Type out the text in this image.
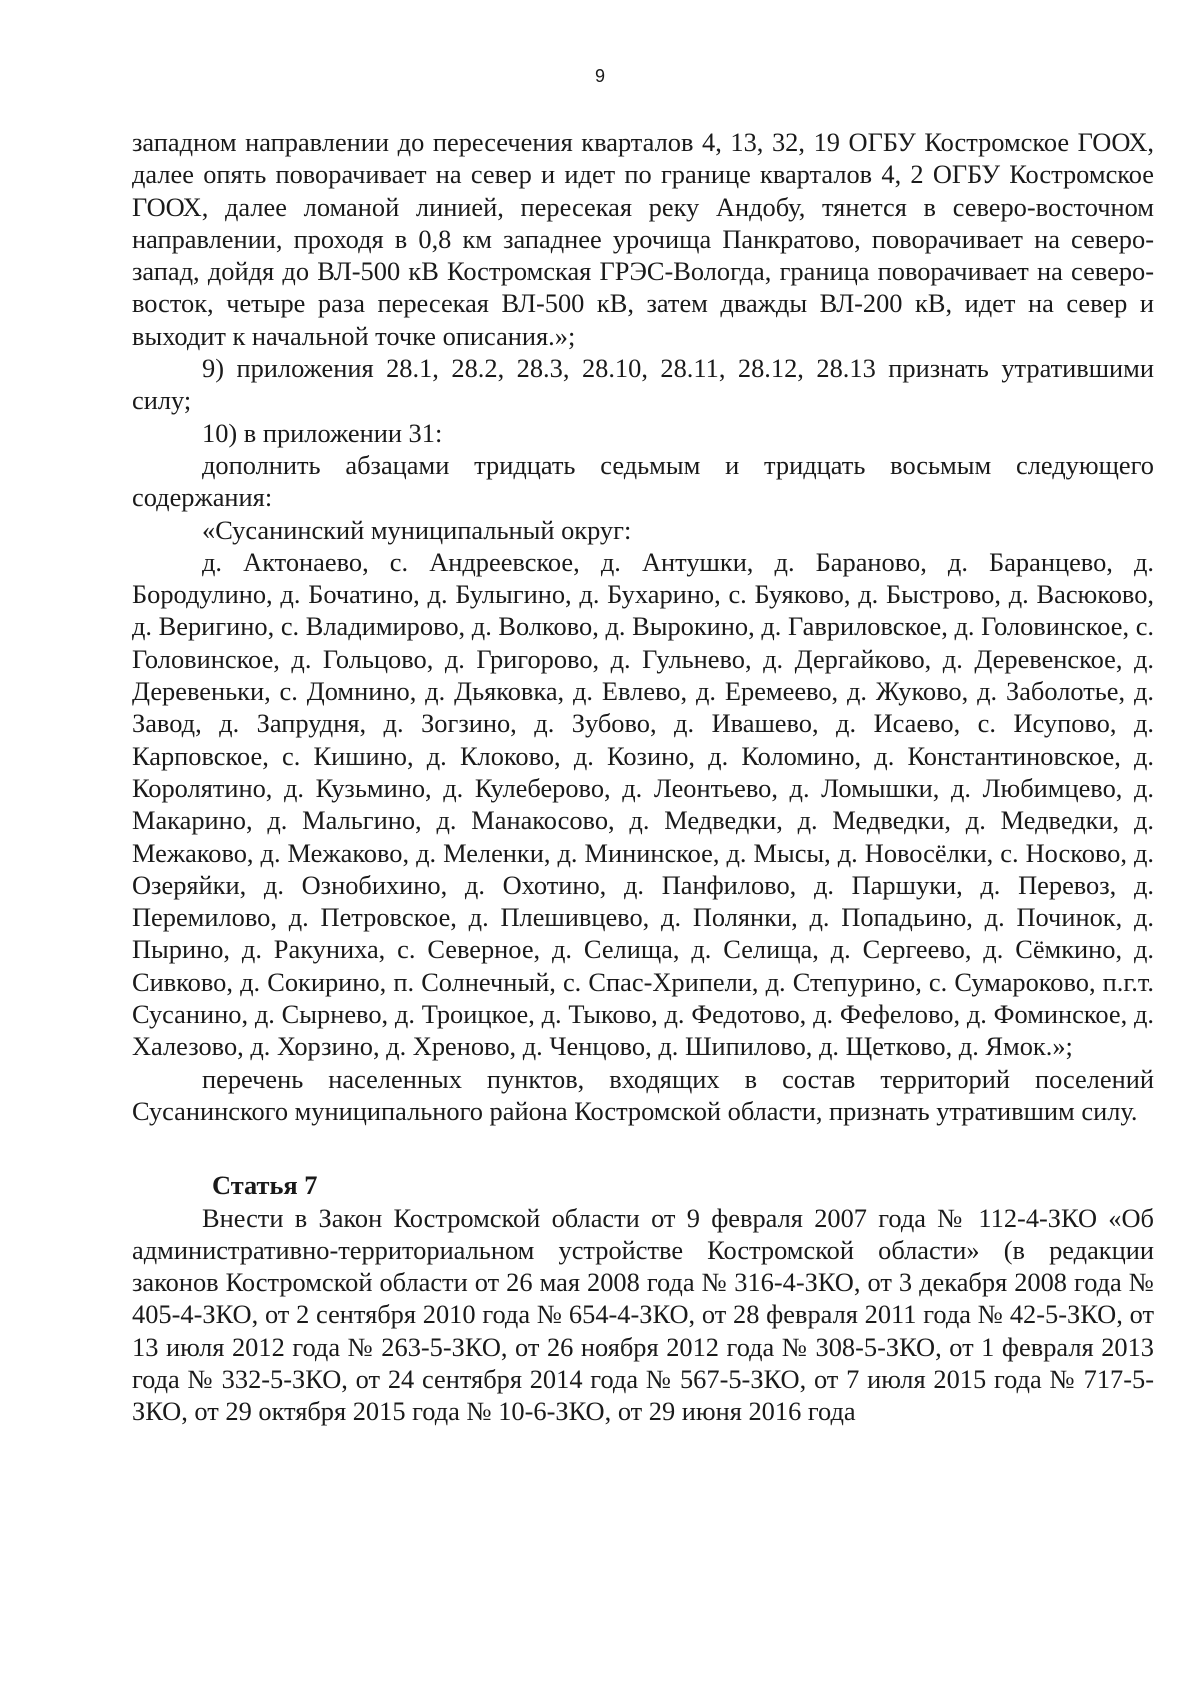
9

западном направлении до пересечения кварталов 4, 13, 32, 19 ОГБУ Костромское ГООХ, далее опять поворачивает на север и идет по границе кварталов 4, 2 ОГБУ Костромское ГООХ, далее ломаной линией, пересекая реку Андобу, тянется в северо-восточном направлении, проходя в 0,8 км западнее урочища Панкратово, поворачивает на северо-запад, дойдя до ВЛ-500 кВ Костромская ГРЭС-Вологда, граница поворачивает на северо-восток, четыре раза пересекая ВЛ-500 кВ, затем дважды ВЛ-200 кВ, идет на север и выходит к начальной точке описания.»;

9) приложения 28.1, 28.2, 28.3, 28.10, 28.11, 28.12, 28.13 признать утратившими силу;

10) в приложении 31:

дополнить абзацами тридцать седьмым и тридцать восьмым следующего содержания:

«Сусанинский муниципальный округ:

д. Актонаево, с. Андреевское, д. Антушки, д. Бараново, д. Баранцево, д. Бородулино, д. Бочатино, д. Булыгино, д. Бухарино, с. Буяково, д. Быстрово, д. Васюково, д. Веригино, с. Владимирово, д. Волково, д. Вырокино, д. Гавриловское, д. Головинское, с. Головинское, д. Гольцово, д. Григорово, д. Гульнево, д. Дергайково, д. Деревенское, д. Деревеньки, с. Домнино, д. Дьяковка, д. Евлево, д. Еремеево, д. Жуково, д. Заболотье, д. Завод, д. Запрудня, д. Зогзино, д. Зубово, д. Ивашево, д. Исаево, с. Исупово, д. Карповское, с. Кишино, д. Клоково, д. Козино, д. Коломино, д. Константиновское, д. Королятино, д. Кузьмино, д. Кулеберово, д. Леонтьево, д. Ломышки, д. Любимцево, д. Макарино, д. Мальгино, д. Манакосово, д. Медведки, д. Медведки, д. Медведки, д. Межаково, д. Межаково, д. Меленки, д. Мининское, д. Мысы, д. Новосёлки, с. Носково, д. Озеряйки, д. Ознобихино, д. Охотино, д. Панфилово, д. Паршуки, д. Перевоз, д. Перемилово, д. Петровское, д. Плешивцево, д. Полянки, д. Попадьино, д. Починок, д. Пырино, д. Ракуниха, с. Северное, д. Селища, д. Селища, д. Сергеево, д. Сёмкино, д. Сивково, д. Сокирино, п. Солнечный, с. Спас-Хрипели, д. Степурино, с. Сумароково, п.г.т. Сусанино, д. Сырнево, д. Троицкое, д. Тыково, д. Федотово, д. Фефелово, д. Фоминское, д. Халезово, д. Хорзино, д. Хреново, д. Ченцово, д. Шипилово, д. Щетково, д. Ямок.»;

перечень населенных пунктов, входящих в состав территорий поселений Сусанинского муниципального района Костромской области, признать утратившим силу.

Статья 7

Внести в Закон Костромской области от 9 февраля 2007 года № 112-4-ЗКО «Об административно-территориальном устройстве Костромской области» (в редакции законов Костромской области от 26 мая 2008 года № 316-4-ЗКО, от 3 декабря 2008 года № 405-4-ЗКО, от 2 сентября 2010 года № 654-4-ЗКО, от 28 февраля 2011 года № 42-5-ЗКО, от 13 июля 2012 года № 263-5-ЗКО, от 26 ноября 2012 года № 308-5-ЗКО, от 1 февраля 2013 года № 332-5-ЗКО, от 24 сентября 2014 года № 567-5-ЗКО, от 7 июля 2015 года № 717-5-ЗКО, от 29 октября 2015 года № 10-6-ЗКО, от 29 июня 2016 года
